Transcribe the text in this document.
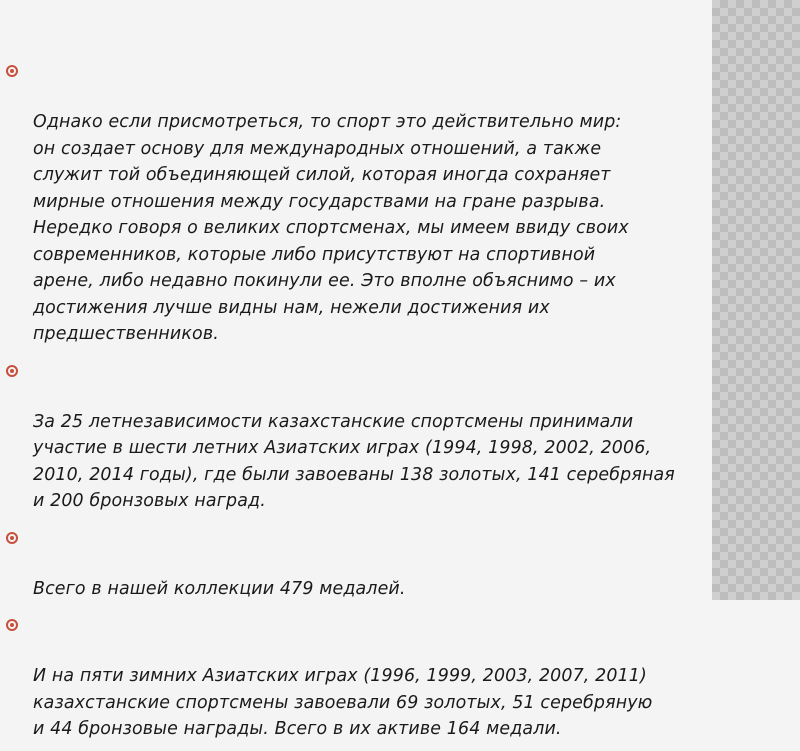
Однако если присмотреться, то спорт это действительно мир:
он создает основу для международных отношений, а также
служит той объединяющей силой, которая иногда сохраняет
мирные отношения между государствами на гране разрыва.
Нередко говоря о великих спортсменах, мы имеем ввиду своих
современников, которые либо присутствуют на спортивной
арене, либо недавно покинули ее. Это вполне объяснимо – их
достижения лучше видны нам, нежели достижения их
предшественников.

За 25 летнезависимости казахстанские спортсмены принимали
участие в шести летних Азиатских играх (1994, 1998, 2002, 2006,
2010, 2014 годы), где были завоеваны 138 золотых, 141 серебряная
и 200 бронзовых наград.

Всего в нашей коллекции 479 медалей.

И на пяти зимних Азиатских играх (1996, 1999, 2003, 2007, 2011)
казахстанские спортсмены завоевали 69 золотых, 51 серебряную
и 44 бронзовые награды. Всего в их активе 164 медали.
